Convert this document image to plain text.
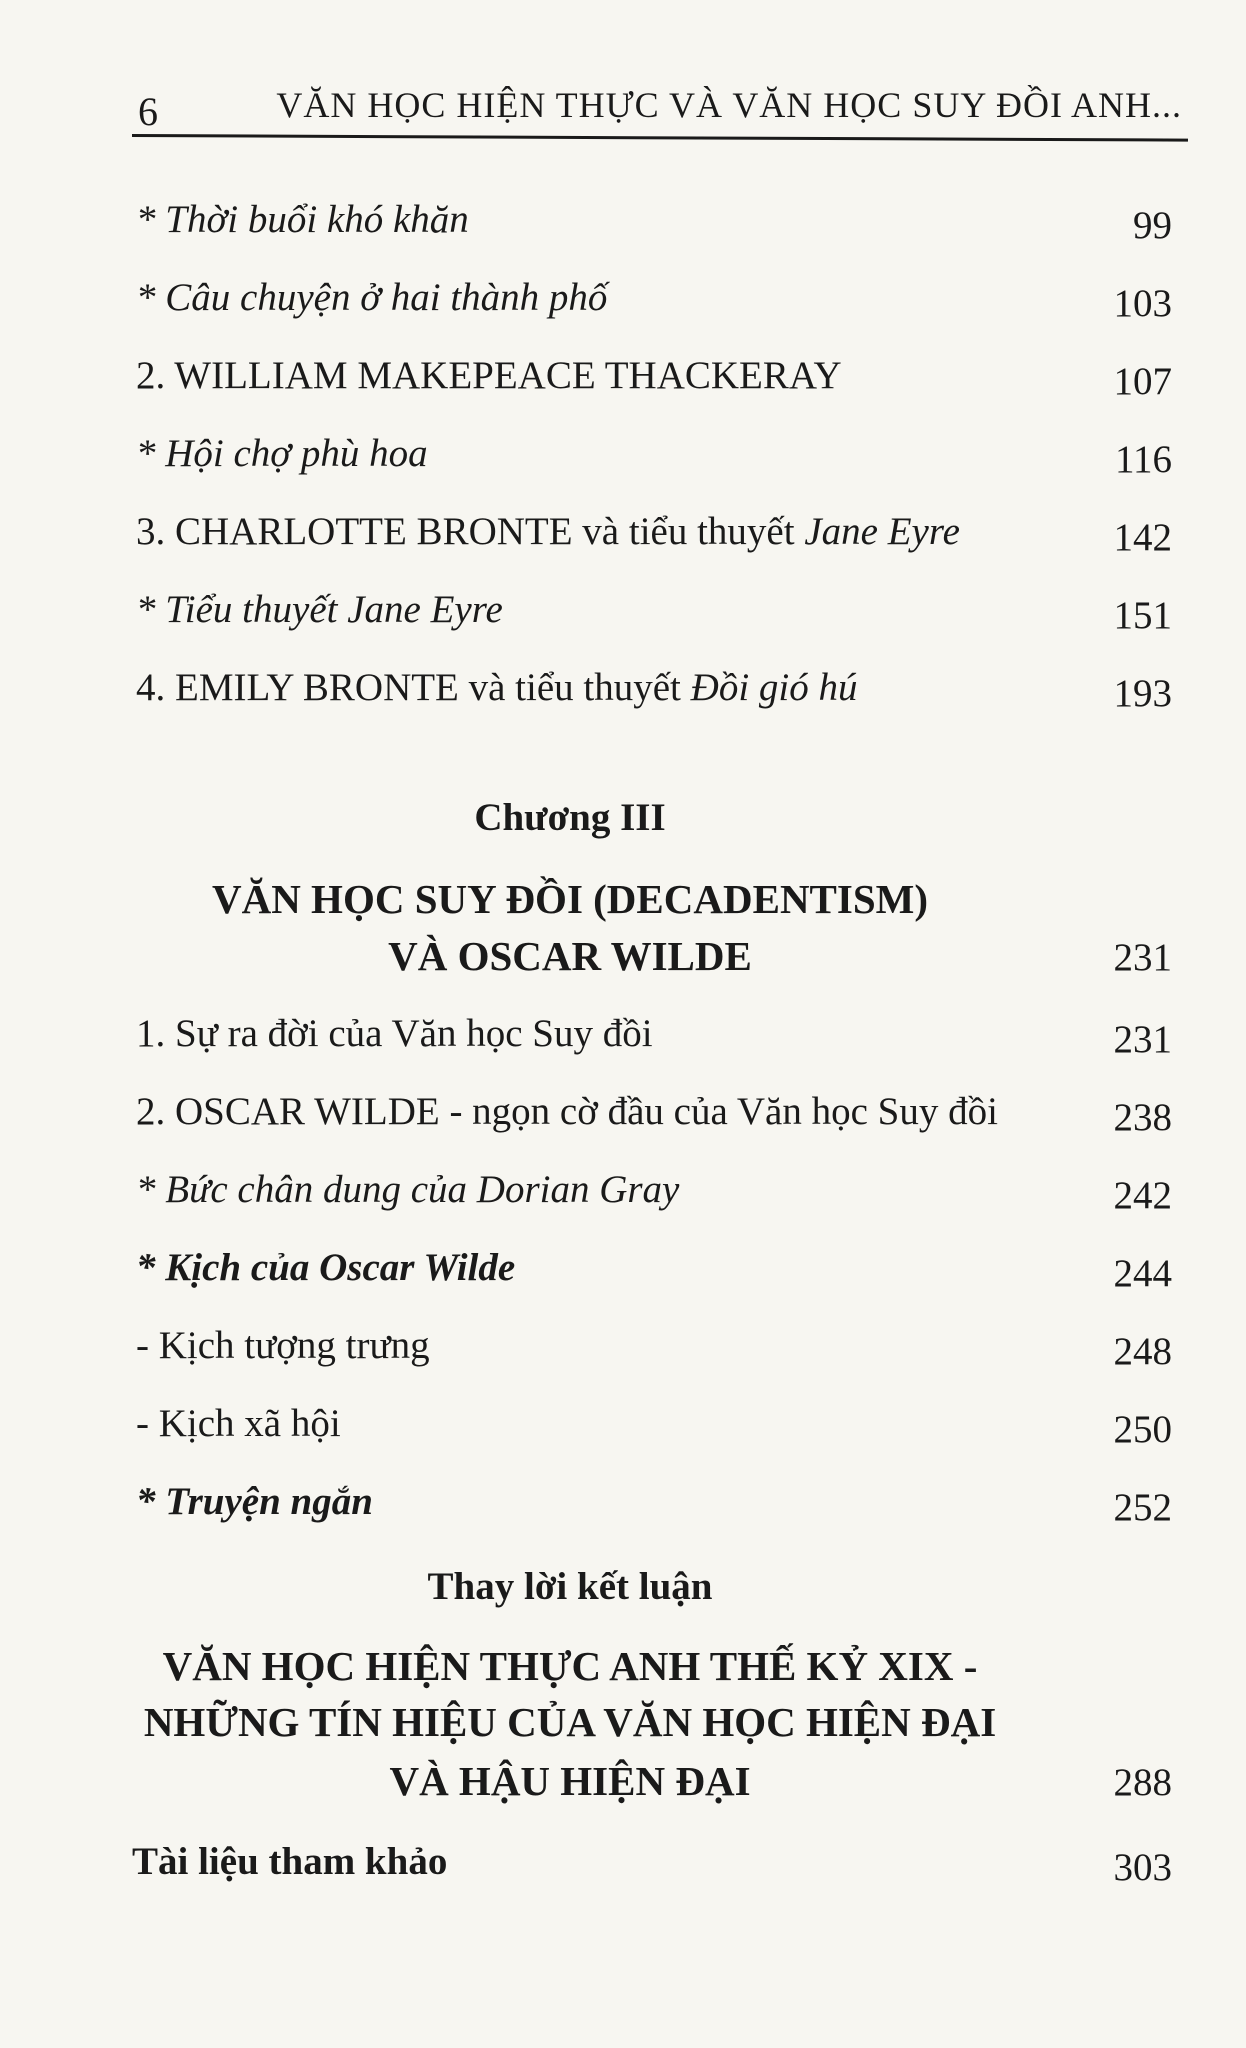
6	VĂN HỌC HIỆN THỰC VÀ VĂN HỌC SUY ĐỒI ANH...
* Thời buổi khó khăn	99
* Câu chuyện ở hai thành phố	103
2. WILLIAM MAKEPEACE THACKERAY	107
* Hội chợ phù hoa	116
3. CHARLOTTE BRONTE và tiểu thuyết Jane Eyre	142
* Tiểu thuyết Jane Eyre	151
4. EMILY BRONTE và tiểu thuyết Đồi gió hú	193
Chương III
VĂN HỌC SUY ĐỒI (DECADENTISM)
VÀ OSCAR WILDE	231
1. Sự ra đời của Văn học Suy đồi	231
2. OSCAR WILDE - ngọn cờ đầu của Văn học Suy đồi	238
* Bức chân dung của Dorian Gray	242
* Kịch của Oscar Wilde	244
- Kịch tượng trưng	248
- Kịch xã hội	250
* Truyện ngắn	252
Thay lời kết luận
VĂN HỌC HIỆN THỰC ANH THẾ KỶ XIX -
NHỮNG TÍN HIỆU CỦA VĂN HỌC HIỆN ĐẠI
VÀ HẬU HIỆN ĐẠI	288
Tài liệu tham khảo	303
